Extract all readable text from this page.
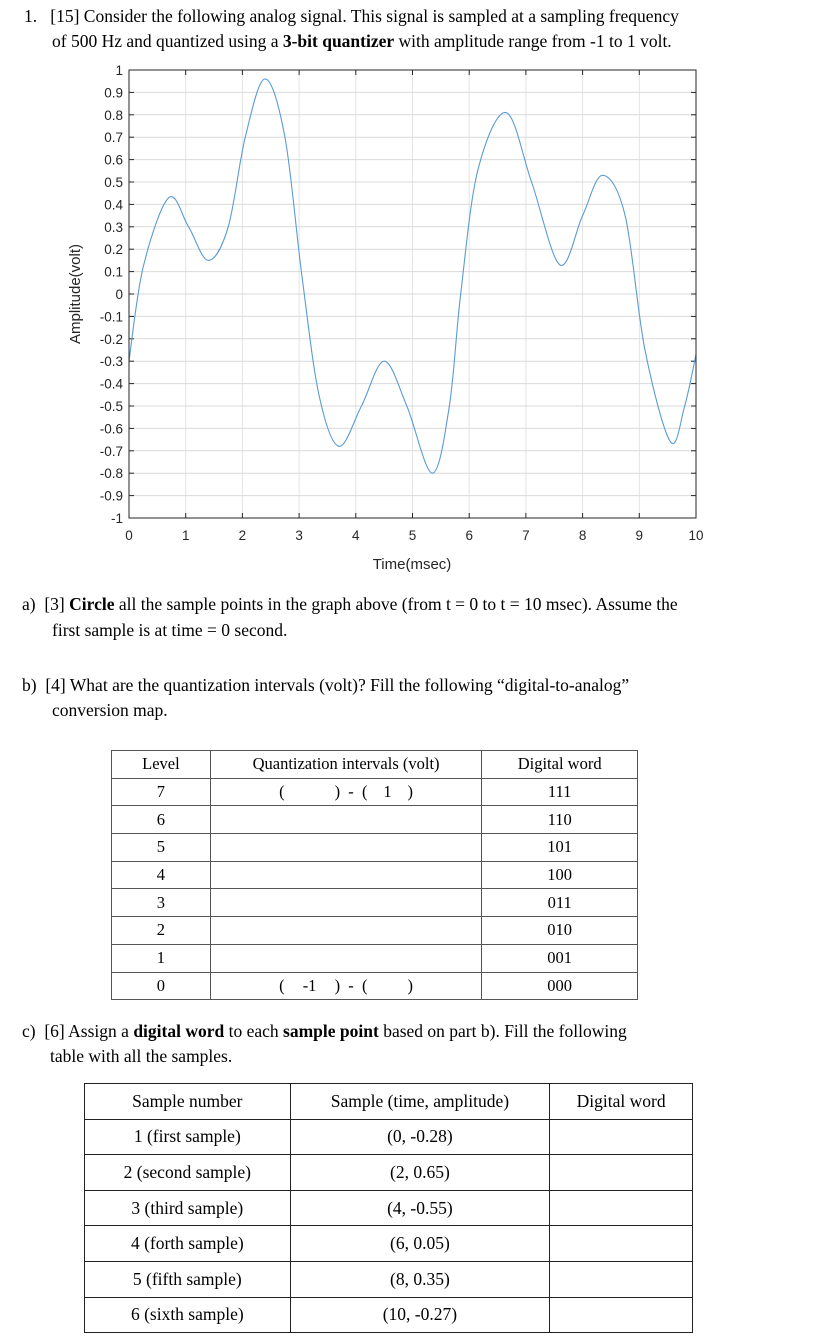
1. [15] Consider the following analog signal. This signal is sampled at a sampling frequency
of 500 Hz and quantized using a 3-bit quantizer with amplitude range from -1 to 1 volt.
0	1	2	3	4	5	6	7	8	9	10
1
0.9
0.8
0.7
0.6
0.5
0.4
0.3
0.2
0.1
0
-0.1
-0.2
-0.3
-0.4
-0.5
-0.6
-0.7
-0.8
-0.9
-1
Time(msec)
Amplitude(volt)
a) [3] Circle all the sample points in the graph above (from t = 0 to t = 10 msec). Assume the
first sample is at time = 0 second.
b) [4] What are the quantization intervals (volt)? Fill the following “digital-to-analog”
conversion map.
Level	Quantization intervals (volt)	Digital word
7	( )  -  ( 1 )	111
6		110
5		101
4		100
3		011
2		010
1		001
0	( -1 )  -  ( )	000
c) [6] Assign a digital word to each sample point based on part b). Fill the following
table with all the samples.
Sample number	Sample (time, amplitude)	Digital word
1 (first sample)	(0, -0.28)	
2 (second sample)	(2, 0.65)	
3 (third sample)	(4, -0.55)	
4 (forth sample)	(6, 0.05)	
5 (fifth sample)	(8, 0.35)	
6 (sixth sample)	(10, -0.27)	
